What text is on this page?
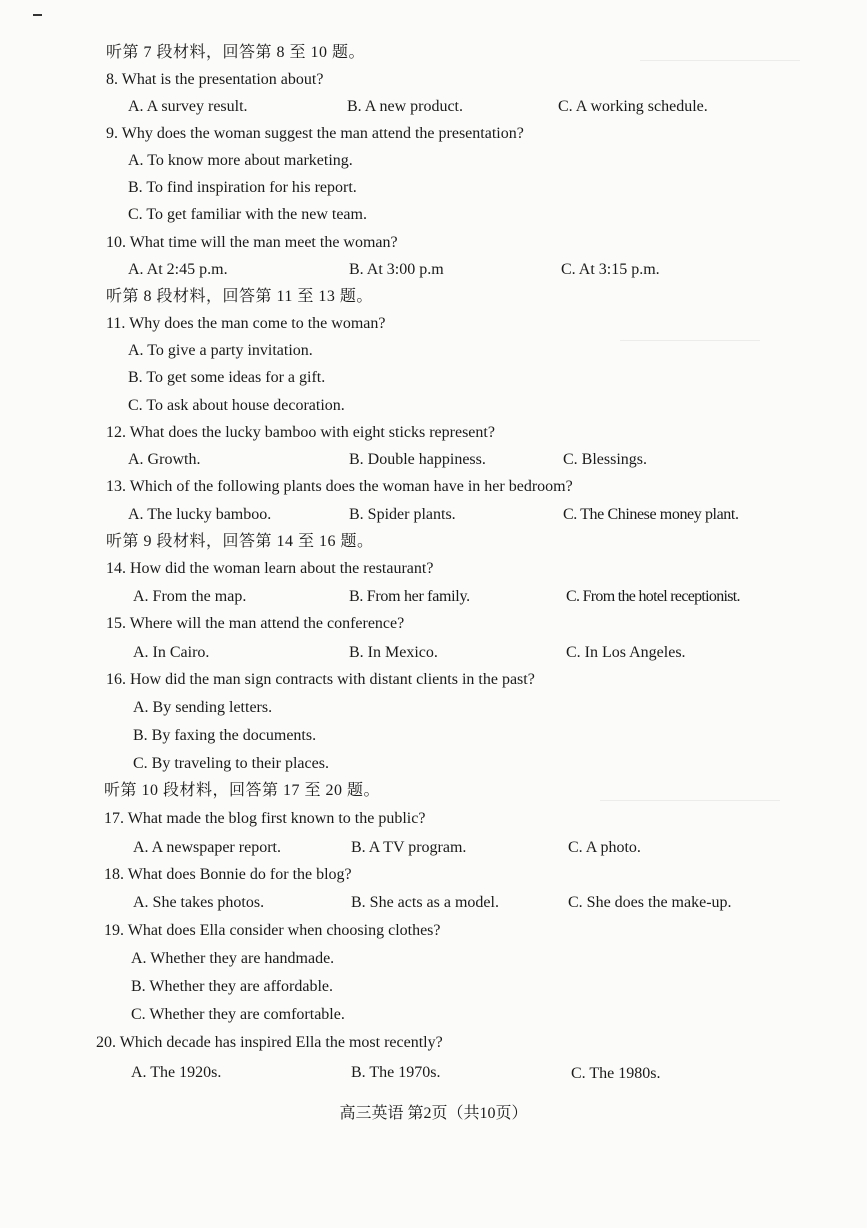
听第 7 段材料，回答第 8 至 10 题。
8. What is the presentation about?
A. A survey result.	B. A new product.	C. A working schedule.
9. Why does the woman suggest the man attend the presentation?
A. To know more about marketing.
B. To find inspiration for his report.
C. To get familiar with the new team.
10. What time will the man meet the woman?
A. At 2:45 p.m.	B. At 3:00 p.m	C. At 3:15 p.m.
听第 8 段材料，回答第 11 至 13 题。
11. Why does the man come to the woman?
A. To give a party invitation.
B. To get some ideas for a gift.
C. To ask about house decoration.
12. What does the lucky bamboo with eight sticks represent?
A. Growth.	B. Double happiness.	C. Blessings.
13. Which of the following plants does the woman have in her bedroom?
A. The lucky bamboo.	B. Spider plants.	C. The Chinese money plant.
听第 9 段材料，回答第 14 至 16 题。
14. How did the woman learn about the restaurant?
A. From the map.	B. From her family.	C. From the hotel receptionist.
15. Where will the man attend the conference?
A. In Cairo.	B. In Mexico.	C. In Los Angeles.
16. How did the man sign contracts with distant clients in the past?
A. By sending letters.
B. By faxing the documents.
C. By traveling to their places.
听第 10 段材料，回答第 17 至 20 题。
17. What made the blog first known to the public?
A. A newspaper report.	B. A TV program.	C. A photo.
18. What does Bonnie do for the blog?
A. She takes photos.	B. She acts as a model.	C. She does the make-up.
19. What does Ella consider when choosing clothes?
A. Whether they are handmade.
B. Whether they are affordable.
C. Whether they are comfortable.
20. Which decade has inspired Ella the most recently?
A. The 1920s.	B. The 1970s.	C. The 1980s.
高三英语 第2页（共10页）
